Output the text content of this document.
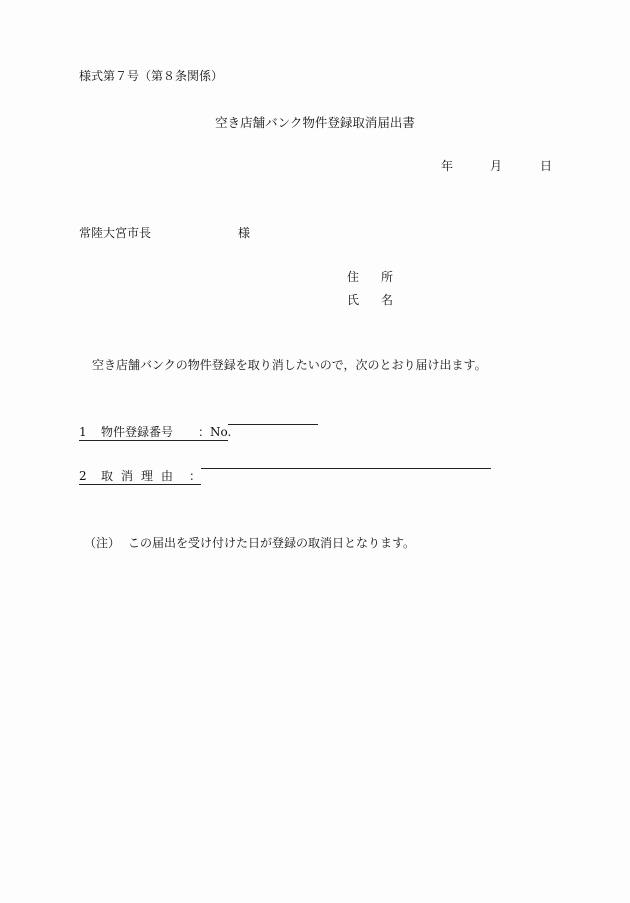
様式第７号（第８条関係）
空き店舗バンク物件登録取消届出書
年	月	日
常陸大宮市長	様
住 所
氏 名
空き店舗バンクの物件登録を取り消したいので，次のとおり届け出ます。
1 物件登録番号 ：No.
2 取消理由 ：
（注） この届出を受け付けた日が登録の取消日となります。
